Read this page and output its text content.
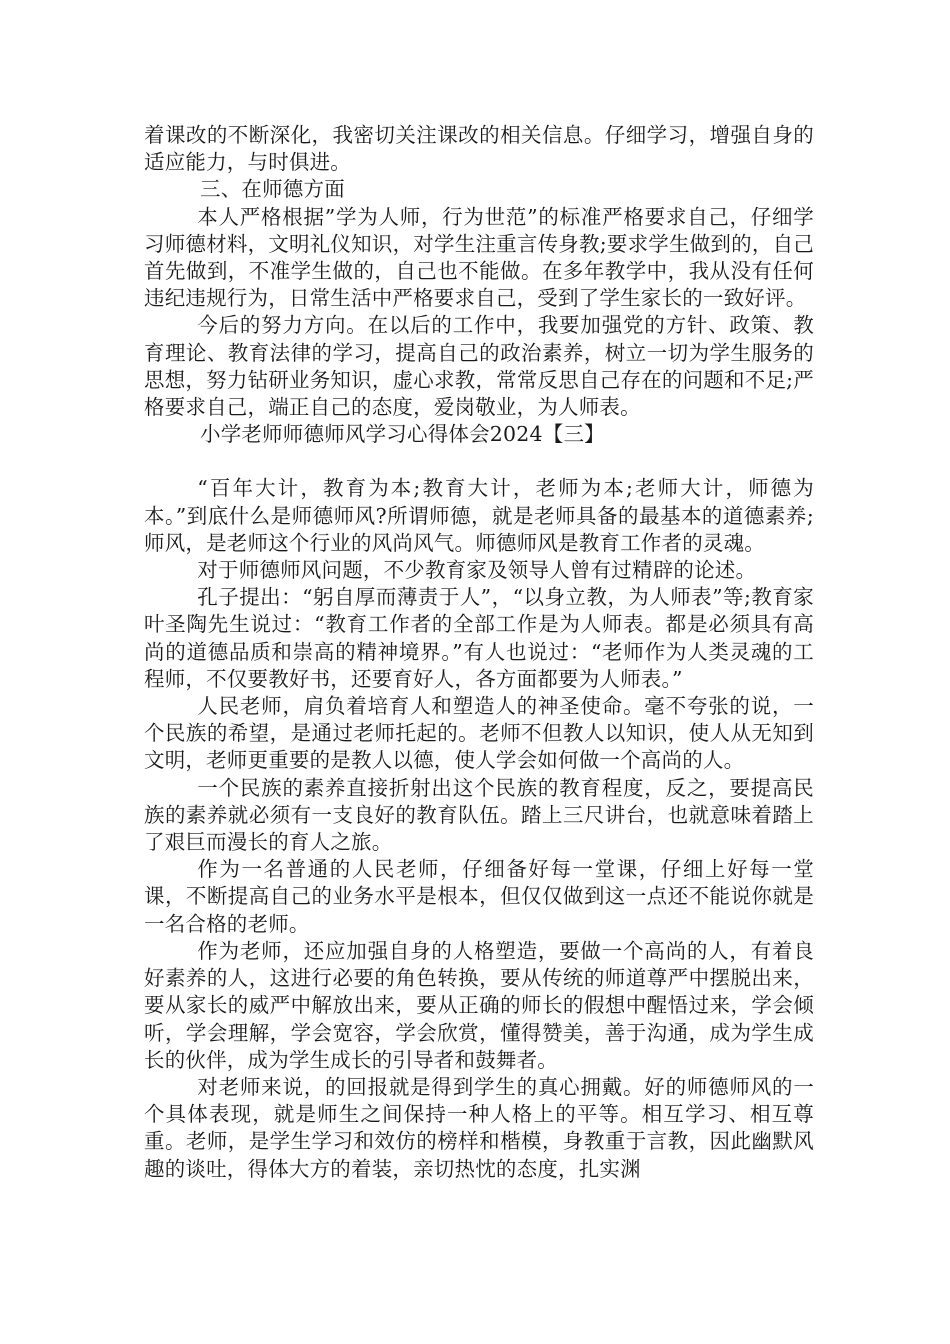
着课改的不断深化，我密切关注课改的相关信息。仔细学习，增强自身的适应能力，与时俱进。

三、在师德方面

本人严格根据”学为人师，行为世范”的标准严格要求自己，仔细学习师德材料，文明礼仪知识，对学生注重言传身教;要求学生做到的，自己首先做到，不准学生做的，自己也不能做。在多年教学中，我从没有任何违纪违规行为，日常生活中严格要求自己，受到了学生家长的一致好评。

今后的努力方向。在以后的工作中，我要加强党的方针、政策、教育理论、教育法律的学习，提高自己的政治素养，树立一切为学生服务的思想，努力钻研业务知识，虚心求教，常常反思自己存在的问题和不足;严格要求自己，端正自己的态度，爱岗敬业，为人师表。

小学老师师德师风学习心得体会2024【三】

“百年大计，教育为本;教育大计，老师为本;老师大计，师德为本。”到底什么是师德师风?所谓师德，就是老师具备的最基本的道德素养;师风，是老师这个行业的风尚风气。师德师风是教育工作者的灵魂。

对于师德师风问题，不少教育家及领导人曾有过精辟的论述。

孔子提出：“躬自厚而薄责于人”，“以身立教，为人师表”等;教育家叶圣陶先生说过：“教育工作者的全部工作是为人师表。都是必须具有高尚的道德品质和崇高的精神境界。”有人也说过：“老师作为人类灵魂的工程师，不仅要教好书，还要育好人，各方面都要为人师表。”

人民老师，肩负着培育人和塑造人的神圣使命。毫不夸张的说，一个民族的希望，是通过老师托起的。老师不但教人以知识，使人从无知到文明，老师更重要的是教人以德，使人学会如何做一个高尚的人。

一个民族的素养直接折射出这个民族的教育程度，反之，要提高民族的素养就必须有一支良好的教育队伍。踏上三尺讲台，也就意味着踏上了艰巨而漫长的育人之旅。

作为一名普通的人民老师，仔细备好每一堂课，仔细上好每一堂课，不断提高自己的业务水平是根本，但仅仅做到这一点还不能说你就是一名合格的老师。

作为老师，还应加强自身的人格塑造，要做一个高尚的人，有着良好素养的人，这进行必要的角色转换，要从传统的师道尊严中摆脱出来，要从家长的威严中解放出来，要从正确的师长的假想中醒悟过来，学会倾听，学会理解，学会宽容，学会欣赏，懂得赞美，善于沟通，成为学生成长的伙伴，成为学生成长的引导者和鼓舞者。

对老师来说，的回报就是得到学生的真心拥戴。好的师德师风的一个具体表现，就是师生之间保持一种人格上的平等。相互学习、相互尊重。老师，是学生学习和效仿的榜样和楷模，身教重于言教，因此幽默风趣的谈吐，得体大方的着装，亲切热忱的态度，扎实渊
